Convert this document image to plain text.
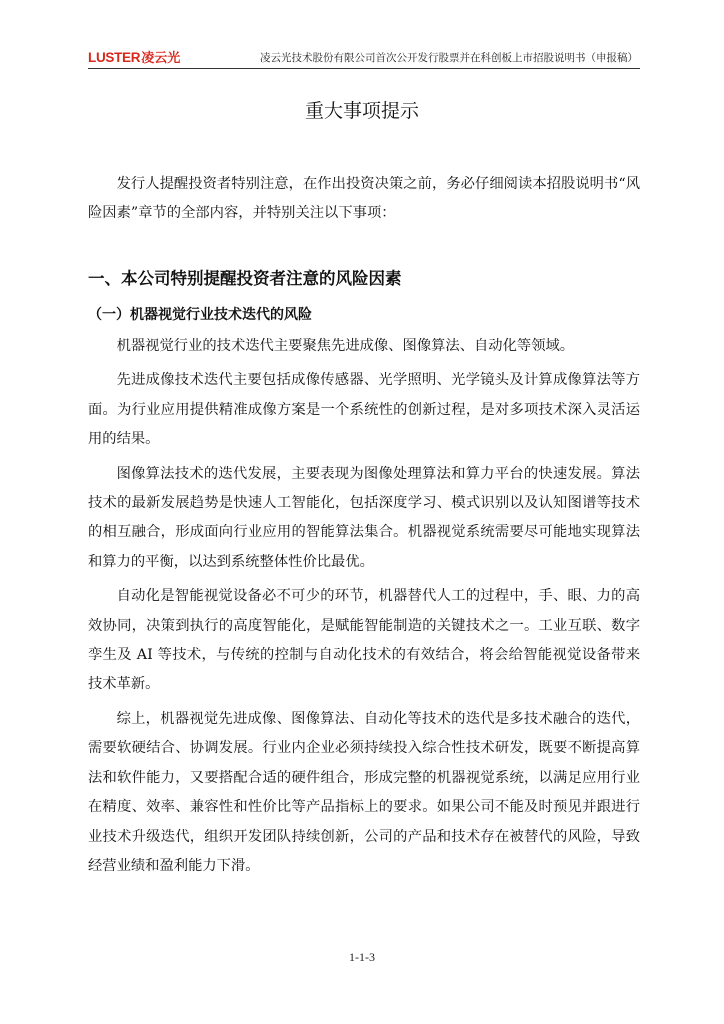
LUSTER 凌云光	凌云光技术股份有限公司首次公开发行股票并在科创板上市招股说明书（申报稿）
重大事项提示

发行人提醒投资者特别注意，在作出投资决策之前，务必仔细阅读本招股说明书“风险因素”章节的全部内容，并特别关注以下事项：

一、本公司特别提醒投资者注意的风险因素
（一）机器视觉行业技术迭代的风险

机器视觉行业的技术迭代主要聚焦先进成像、图像算法、自动化等领域。

先进成像技术迭代主要包括成像传感器、光学照明、光学镜头及计算成像算法等方面。为行业应用提供精准成像方案是一个系统性的创新过程，是对多项技术深入灵活运用的结果。

图像算法技术的迭代发展，主要表现为图像处理算法和算力平台的快速发展。算法技术的最新发展趋势是快速人工智能化，包括深度学习、模式识别以及认知图谱等技术的相互融合，形成面向行业应用的智能算法集合。机器视觉系统需要尽可能地实现算法和算力的平衡，以达到系统整体性价比最优。

自动化是智能视觉设备必不可少的环节，机器替代人工的过程中，手、眼、力的高效协同，决策到执行的高度智能化，是赋能智能制造的关键技术之一。工业互联、数字孪生及 AI 等技术，与传统的控制与自动化技术的有效结合，将会给智能视觉设备带来技术革新。

综上，机器视觉先进成像、图像算法、自动化等技术的迭代是多技术融合的迭代，需要软硬结合、协调发展。行业内企业必须持续投入综合性技术研发，既要不断提高算法和软件能力，又要搭配合适的硬件组合，形成完整的机器视觉系统，以满足应用行业在精度、效率、兼容性和性价比等产品指标上的要求。如果公司不能及时预见并跟进行业技术升级迭代，组织开发团队持续创新，公司的产品和技术存在被替代的风险，导致经营业绩和盈利能力下滑。

1-1-3
